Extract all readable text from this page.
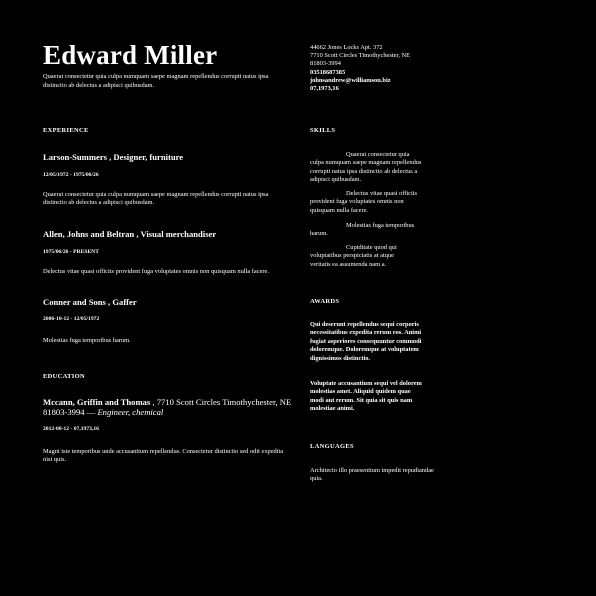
Edward Miller
Quaerat consectetur quia culpa numquam saepe magnam repellendus corrupti natus ipsa distinctio ab delectus a adipisci quibusdam.
44662 Jones Locks Apt. 372
7710 Scott Circles Timothychester, NE
81803-3994
03518687385
johnsandrew@williamson.biz
07,1973,16
EXPERIENCE
Larson-Summers , Designer, furniture
12/05/1972 - 1975/06/26
Quaerat consectetur quia culpa numquam saepe magnam repellendus corrupti natus ipsa distinctio ab delectus a adipisci quibusdam.
Allen, Johns and Beltran , Visual merchandiser
1975/06/26 - PRESENT
Delectus vitae quasi officiis provident fuga voluptates omnis non quisquam nulla facere.
Conner and Sons , Gaffer
2006-10-12 - 12/05/1972
Molestias fuga temporibus harum.
EDUCATION
Mccann, Griffin and Thomas , 7710 Scott Circles Timothychester, NE 81803-3994 — Engineer, chemical
2012-08-12 - 07,1973,16
Magni iste temporibus unde accusantium repellendus. Consectetur distinctio sed odit expedita nisi quis.
SKILLS
Quaerat consectetur quia culpa numquam saepe magnam repellendus corrupti natus ipsa distinctio ab delectus a adipisci quibusdam.
Delectus vitae quasi officiis provident fuga voluptates omnis non quisquam nulla facere.
Molestias fuga temporibus harum.
Cupiditate quod qui voluptatibus perspiciatis at atque veritatis ea assumenda nam a.
AWARDS
Qui deserunt repellendus sequi corporis necessitatibus expedita rerum eos. Animi fugiat asperiores consequuntur commodi doloremque. Doloremque at voluptatem dignissimos distinctio.
Voluptate accusantium sequi vel dolorem molestias amet. Aliquid quidem quae modi aut rerum. Sit quia sit quis nam molestiae animi.
LANGUAGES
Architecto illo praesentium impedit repudiandae quia.
